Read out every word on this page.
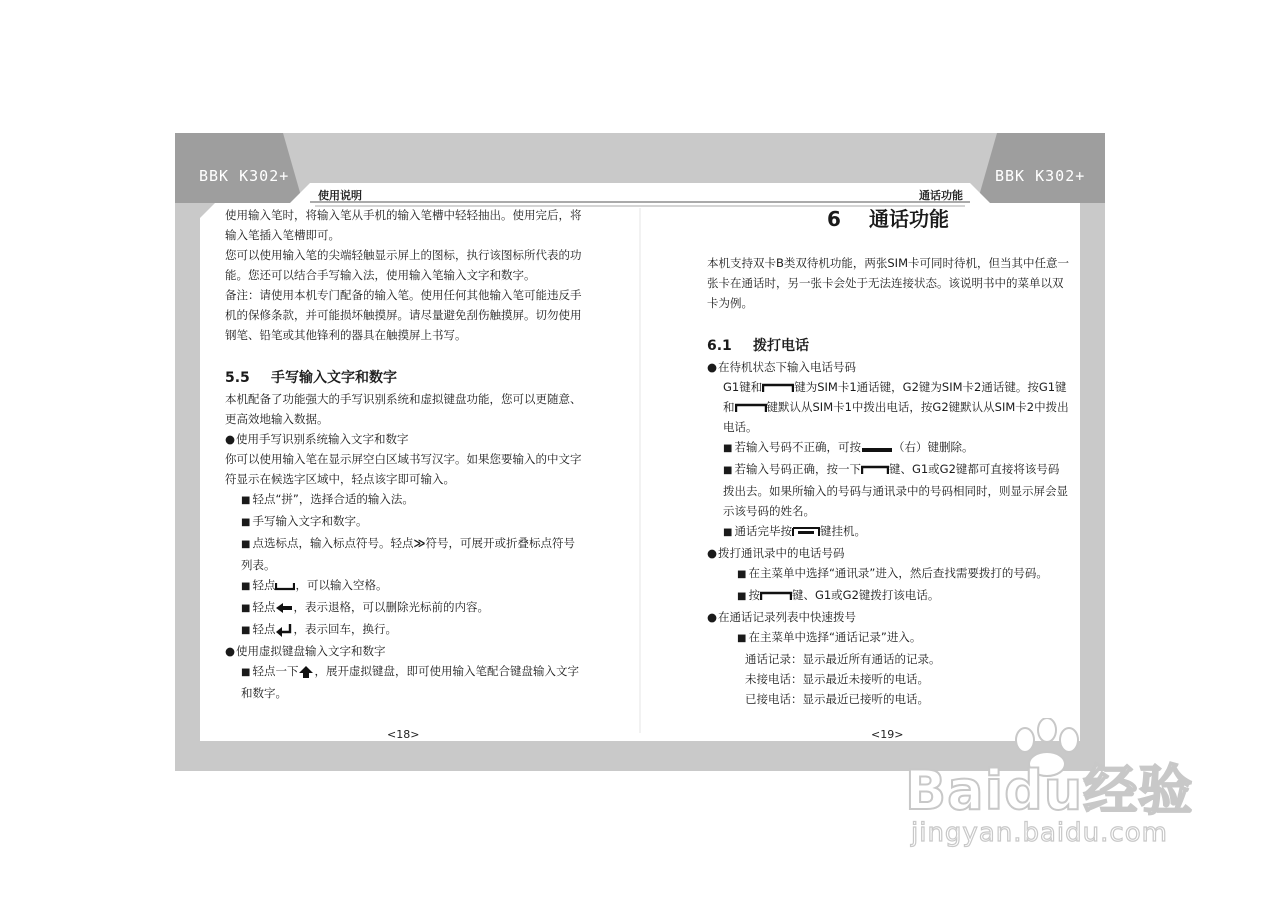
BBK K302+	BBK K302+
使用说明	通话功能

使用输入笔时，将输入笔从手机的输入笔槽中轻轻抽出。使用完后，将输入笔插入笔槽即可。

您可以使用输入笔的尖端轻触显示屏上的图标，执行该图标所代表的功能。您还可以结合手写输入法，使用输入笔输入文字和数字。

备注：请使用本机专门配备的输入笔。使用任何其他输入笔可能违反手机的保修条款，并可能损坏触摸屏。请尽量避免刮伤触摸屏。切勿使用钢笔、铅笔或其他锋利的器具在触摸屏上书写。

5.5 手写输入文字和数字

本机配备了功能强大的手写识别系统和虚拟键盘功能，您可以更随意、更高效地输入数据。

●使用手写识别系统输入文字和数字

你可以使用输入笔在显示屏空白区域书写汉字。如果您要输入的中文字符显示在候选字区域中，轻点该字即可输入。

■ 轻点“拼”，选择合适的输入法。

■ 手写输入文字和数字。

■ 点选标点，输入标点符号。轻点≫符号，可展开或折叠标点符号列表。

■ 轻点 ，可以输入空格。

■ 轻点 ，表示退格，可以删除光标前的内容。

■ 轻点 ，表示回车，换行。

●使用虚拟键盘输入文字和数字

■ 轻点一下 ，展开虚拟键盘，即可使用输入笔配合键盘输入文字和数字。

6 通话功能

本机支持双卡B类双待机功能，两张SIM卡可同时待机，但当其中任意一张卡在通话时，另一张卡会处于无法连接状态。该说明书中的菜单以双卡为例。

6.1 拨打电话

●在待机状态下输入电话号码

G1键和	键为SIM卡1通话键，G2键为SIM卡2通话键。按G1键和	键默认从SIM卡1中拨出电话，按G2键默认从SIM卡2中拨出电话。

■ 若输入号码不正确，可按	（右）键删除。

■ 若输入号码正确，按一下 键、G1或G2键都可直接将该号码拨出去。如果所输入的号码与通讯录中的号码相同时，则显示屏会显示该号码的姓名。

■ 通话完毕按 键挂机。

●拨打通讯录中的电话号码

■ 在主菜单中选择“通讯录”进入，然后查找需要拨打的号码。

■ 按	键、G1或G2键拨打该电话。

●在通话记录列表中快速拨号

■ 在主菜单中选择“通话记录”进入。

通话记录：显示最近所有通话的记录。

未接电话：显示最近未接听的电话。

已接电话：显示最近已接听的电话。

<18>	<19>
Baidu经验
jingyan.baidu.com
